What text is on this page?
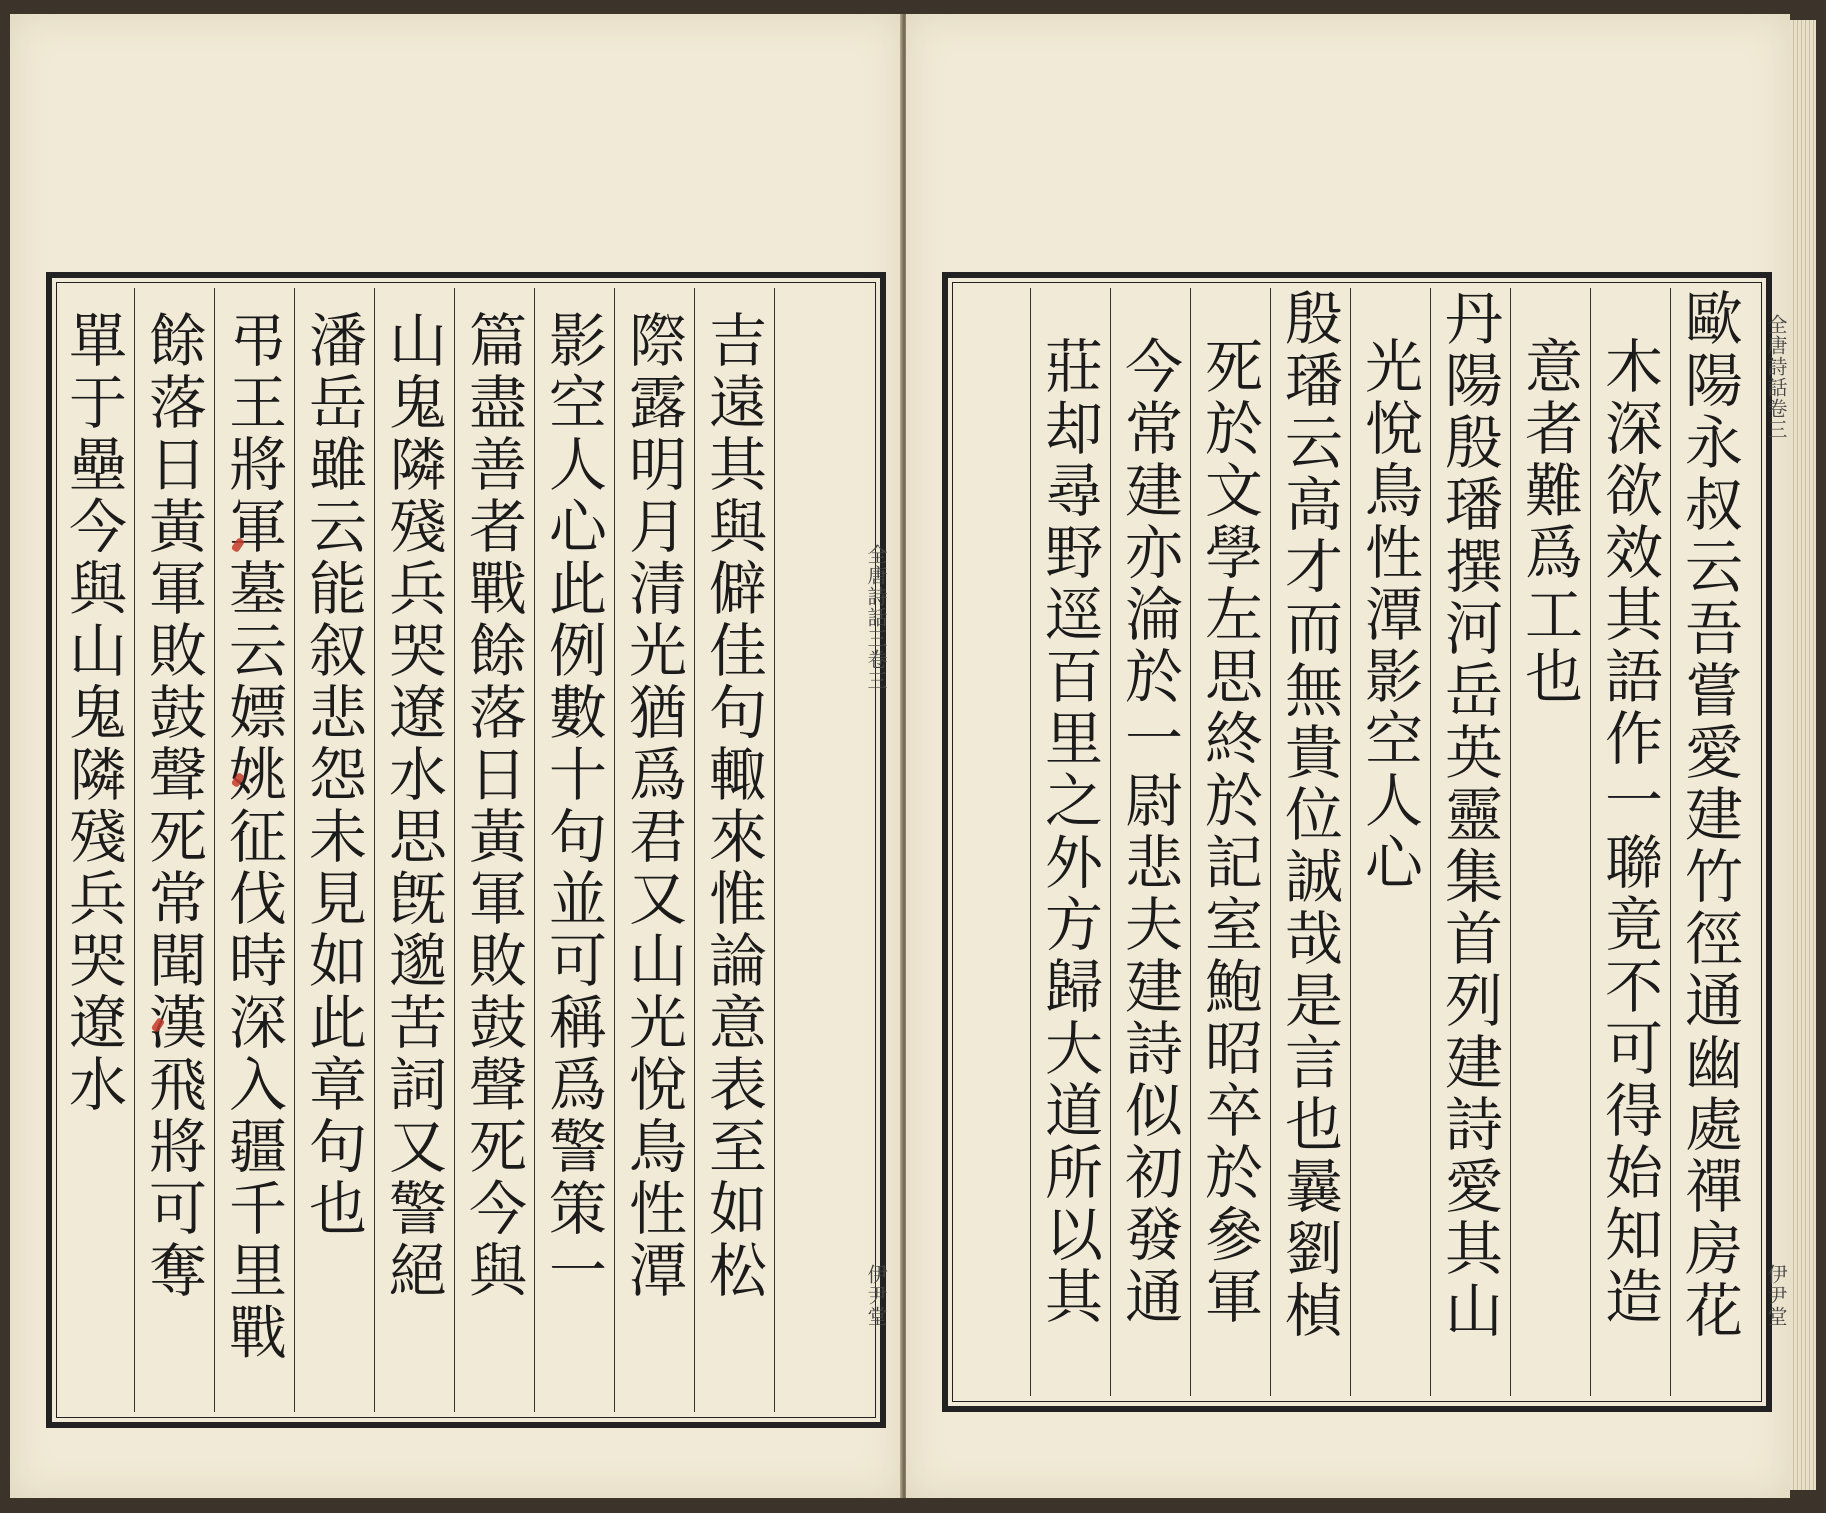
吉遠其與僻佳句輙來惟論意表至如松
際露明月清光猶爲君又山光悅鳥性潭
影空人心此例數十句並可稱爲警策一
篇盡善者戰餘落日黃軍敗鼓聲死今與
山鬼隣殘兵哭遼水思旣邈苦詞又警絕
潘岳雖云能叙悲怨未見如此章句也
弔王將軍墓云嫖姚征伐時深入疆千里戰
餘落日黃軍敗鼓聲死常聞漢飛將可奪
單于壘今與山鬼隣殘兵哭遼水	全唐詩話三卷三
伊尹堂	歐陽永叔云吾嘗愛建竹徑通幽處禪房花
木深欲效其語作一聯竟不可得始知造
意者難爲工也
丹陽殷璠撰河岳英靈集首列建詩愛其山
光悅鳥性潭影空人心
殷璠云高才而無貴位誠哉是言也曩劉楨
死於文學左思終於記室鮑昭卒於參軍
今常建亦淪於一尉悲夫建詩似初發通
莊却尋野逕百里之外方歸大道所以其	全唐詩話卷三
伊尹堂
